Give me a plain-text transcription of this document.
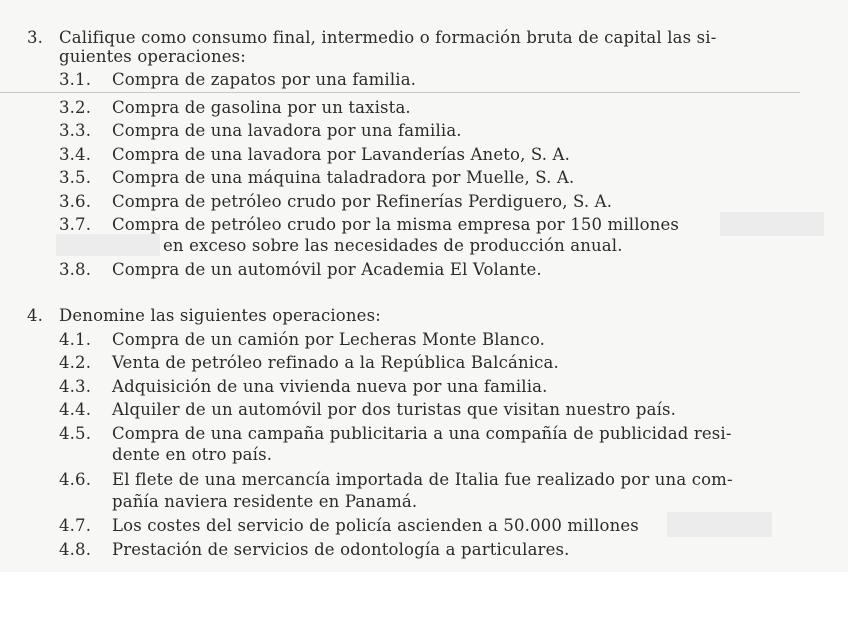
3. Califique como consumo final, intermedio o formación bruta de capital las si-
guientes operaciones:
3.1. Compra de zapatos por una familia.
3.2. Compra de gasolina por un taxista.
3.3. Compra de una lavadora por una familia.
3.4. Compra de una lavadora por Lavanderías Aneto, S. A.
3.5. Compra de una máquina taladradora por Muelle, S. A.
3.6. Compra de petróleo crudo por Refinerías Perdiguero, S. A.
3.7. Compra de petróleo crudo por la misma empresa por 150 millones
en exceso sobre las necesidades de producción anual.
3.8. Compra de un automóvil por Academia El Volante.
4. Denomine las siguientes operaciones:
4.1. Compra de un camión por Lecheras Monte Blanco.
4.2. Venta de petróleo refinado a la República Balcánica.
4.3. Adquisición de una vivienda nueva por una familia.
4.4. Alquiler de un automóvil por dos turistas que visitan nuestro país.
4.5. Compra de una campaña publicitaria a una compañía de publicidad resi-
dente en otro país.
4.6. El flete de una mercancía importada de Italia fue realizado por una com-
pañía naviera residente en Panamá.
4.7. Los costes del servicio de policía ascienden a 50.000 millones
4.8. Prestación de servicios de odontología a particulares.
